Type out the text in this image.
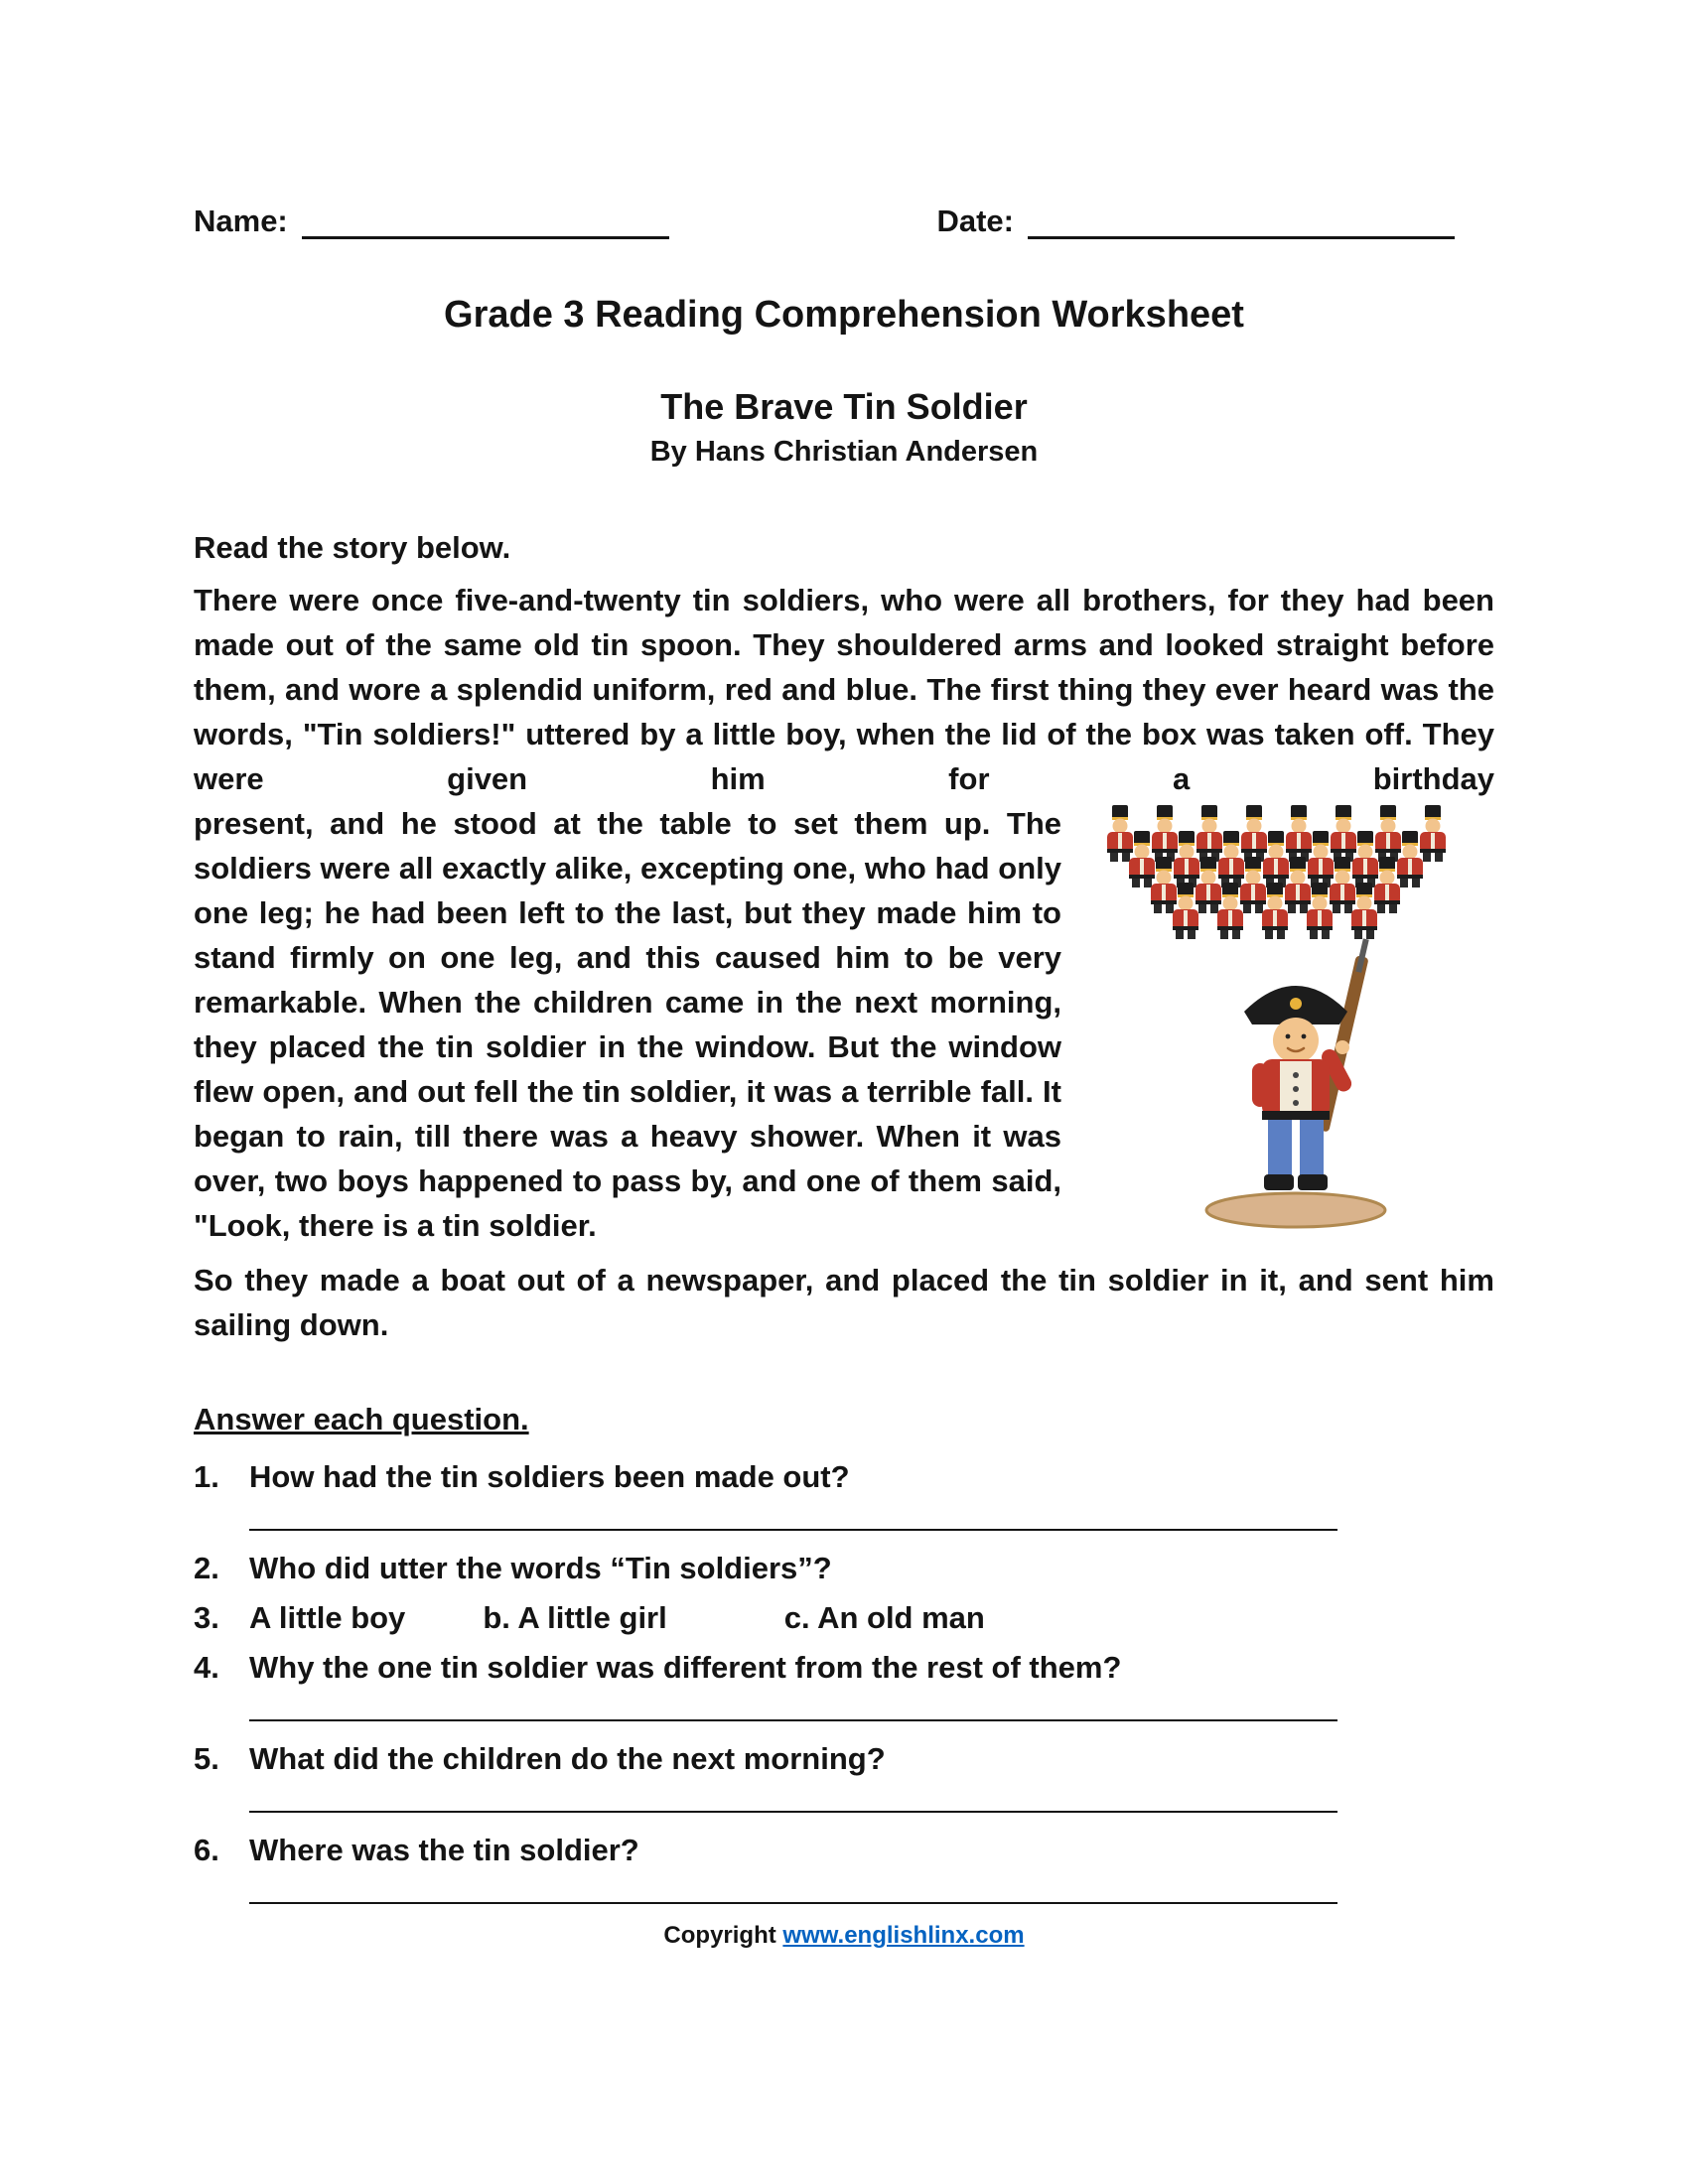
Name:	Date:
Grade 3 Reading Comprehension Worksheet
The Brave Tin Soldier
By Hans Christian Andersen
Read the story below.
There were once five-and-twenty tin soldiers, who were all brothers, for they had been made out of the same old tin spoon. They shouldered arms and looked straight before them, and wore a splendid uniform, red and blue. The first thing they ever heard was the words, "Tin soldiers!" uttered by a little boy, when the lid of the box was taken off. They were given him for a birthday
present, and he stood at the table to set them up. The soldiers were all exactly alike, excepting one, who had only one leg; he had been left to the last, but they made him to stand firmly on one leg, and this caused him to be very remarkable. When the children came in the next morning, they placed the tin soldier in the window. But the window flew open, and out fell the tin soldier, it was a terrible fall. It began to rain, till there was a heavy shower. When it was over, two boys happened to pass by, and one of them said, "Look, there is a tin soldier.
So they made a boat out of a newspaper, and placed the tin soldier in it, and sent him sailing down.
Answer each question.
1. How had the tin soldiers been made out?
2. Who did utter the words “Tin soldiers”?
3. A little boy	b. A little girl	c. An old man
4. Why the one tin soldier was different from the rest of them?
5. What did the children do the next morning?
6. Where was the tin soldier?
Copyright www.englishlinx.com
